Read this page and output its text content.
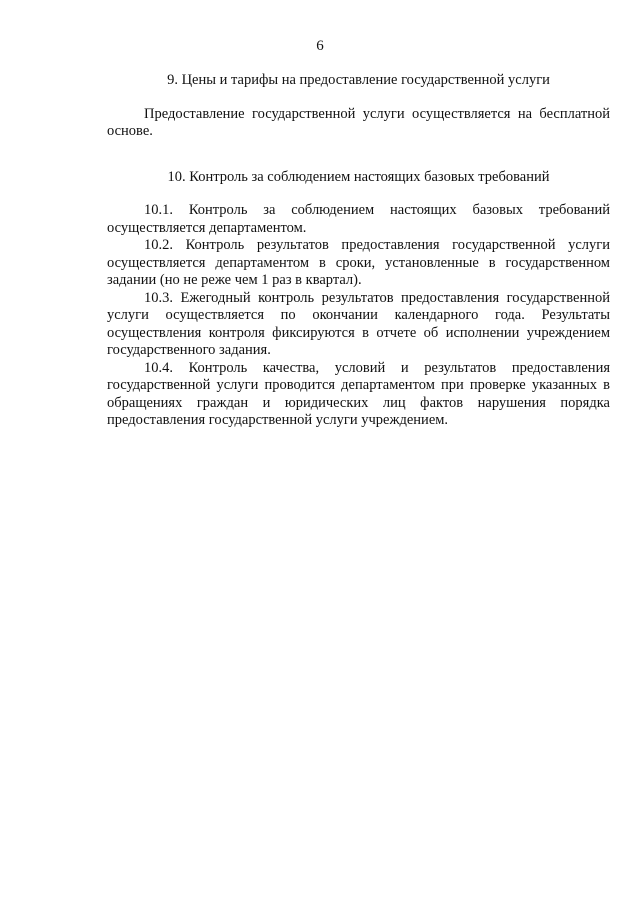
6

9. Цены и тарифы на предоставление государственной услуги

Предоставление государственной услуги осуществляется на бесплатной основе.

10. Контроль за соблюдением настоящих базовых требований

10.1. Контроль за соблюдением настоящих базовых требований осуществляется департаментом.

10.2. Контроль результатов предоставления государственной услуги осуществляется департаментом в сроки, установленные в государственном задании (но не реже чем 1 раз в квартал).

10.3. Ежегодный контроль результатов предоставления государственной услуги осуществляется по окончании календарного года. Результаты осуществления контроля фиксируются в отчете об исполнении учреждением государственного задания.

10.4. Контроль качества, условий и результатов предоставления государственной услуги проводится департаментом при проверке указанных в обращениях граждан и юридических лиц фактов нарушения порядка предоставления государственной услуги учреждением.
